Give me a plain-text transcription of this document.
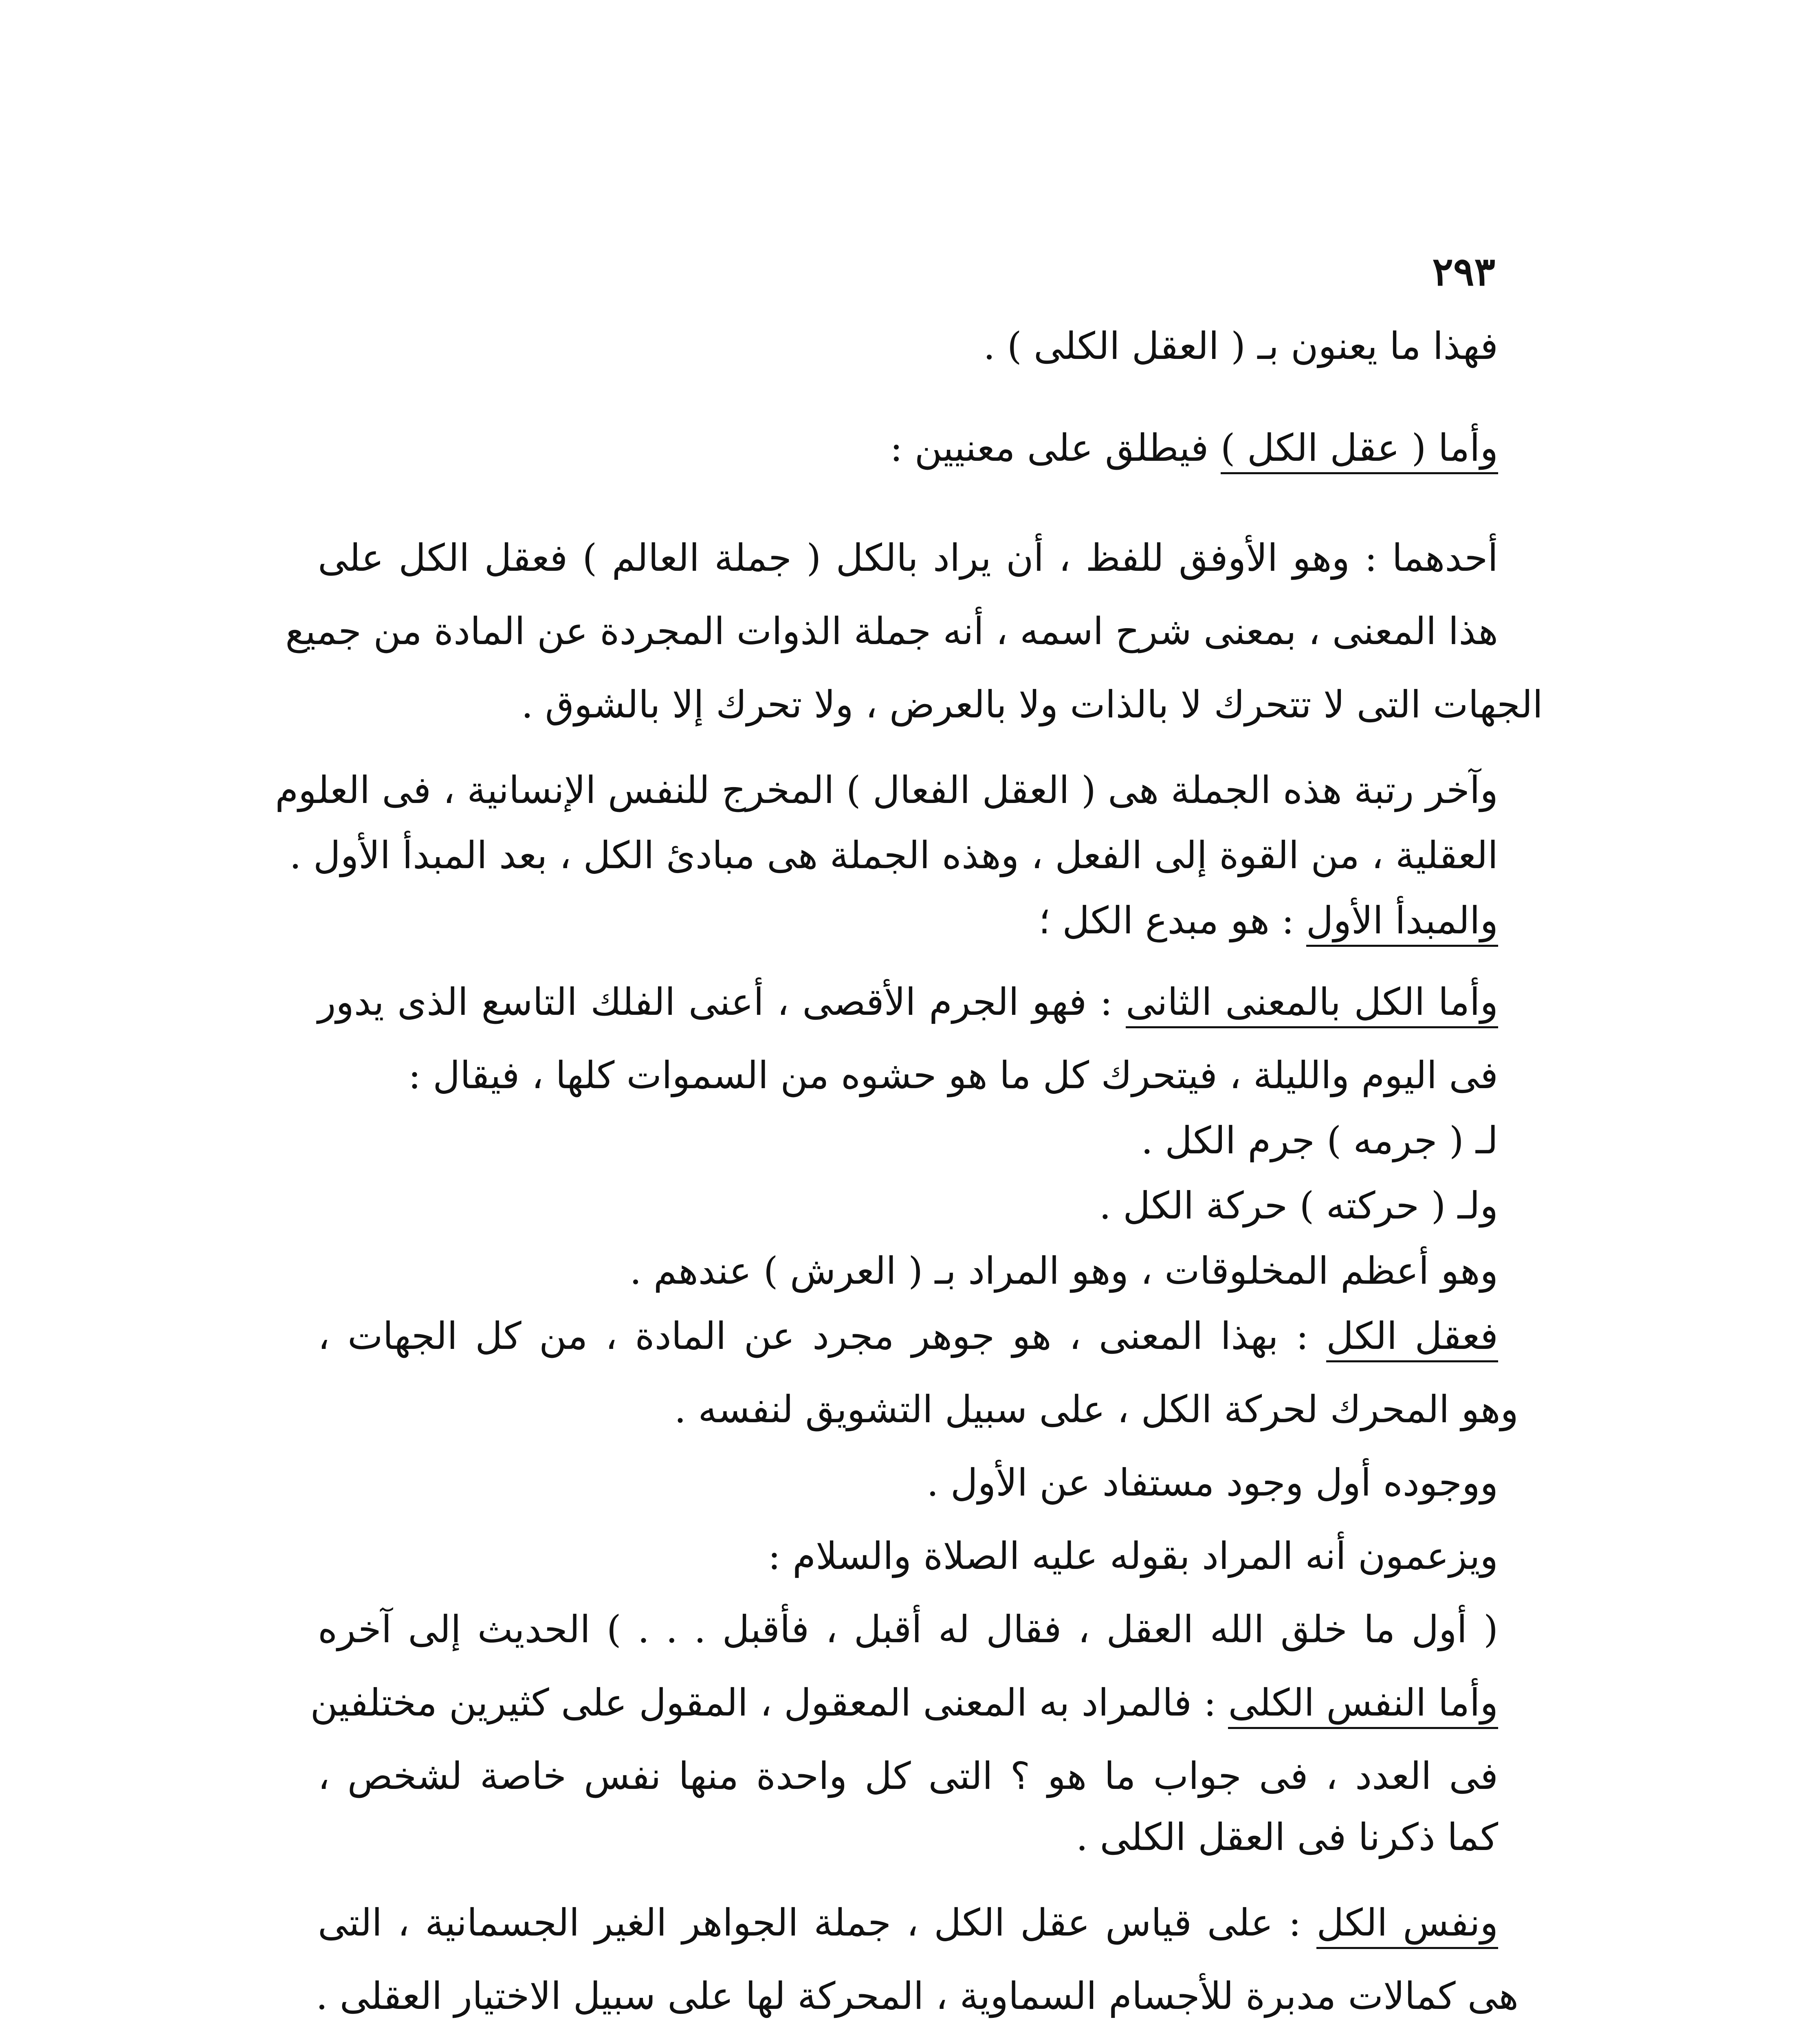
٢٩٣
فهذا ما يعنون بـ ( العقل الكلى ) .
وأما ( عقل الكل ) فيطلق على معنيين :
أحدهما : وهو الأوفق للفظ ، أن يراد بالكل ( جملة العالم ) فعقل الكل على
هذا المعنى ، بمعنى شرح اسمه ، أنه جملة الذوات المجردة عن المادة من جميع
الجهات التى لا تتحرك لا بالذات ولا بالعرض ، ولا تحرك إلا بالشوق .
وآخر رتبة هذه الجملة هى ( العقل الفعال ) المخرج للنفس الإنسانية ، فى العلوم
العقلية ، من القوة إلى الفعل ، وهذه الجملة هى مبادئ الكل ، بعد المبدأ الأول .
والمبدأ الأول : هو مبدع الكل ؛
وأما الكل بالمعنى الثانى : فهو الجرم الأقصى ، أعنى الفلك التاسع الذى يدور
فى اليوم والليلة ، فيتحرك كل ما هو حشوه من السموات كلها ، فيقال :
لـ ( جرمه ) جرم الكل .
ولـ ( حركته ) حركة الكل .
وهو أعظم المخلوقات ، وهو المراد بـ ( العرش ) عندهم .
فعقل الكل : بهذا المعنى ، هو جوهر مجرد عن المادة ، من كل الجهات ،
وهو المحرك لحركة الكل ، على سبيل التشويق لنفسه .
ووجوده أول وجود مستفاد عن الأول .
ويزعمون أنه المراد بقوله عليه الصلاة والسلام :
( أول ما خلق الله العقل ، فقال له أقبل ، فأقبل . . . ) الحديث إلى آخره
وأما النفس الكلى : فالمراد به المعنى المعقول ، المقول على كثيرين مختلفين
فى العدد ، فى جواب ما هو ؟ التى كل واحدة منها نفس خاصة لشخص ،
كما ذكرنا فى العقل الكلى .
ونفس الكل : على قياس عقل الكل ، جملة الجواهر الغير الجسمانية ، التى
هى كمالات مدبرة للأجسام السماوية ، المحركة لها على سبيل الاختيار العقلى .
